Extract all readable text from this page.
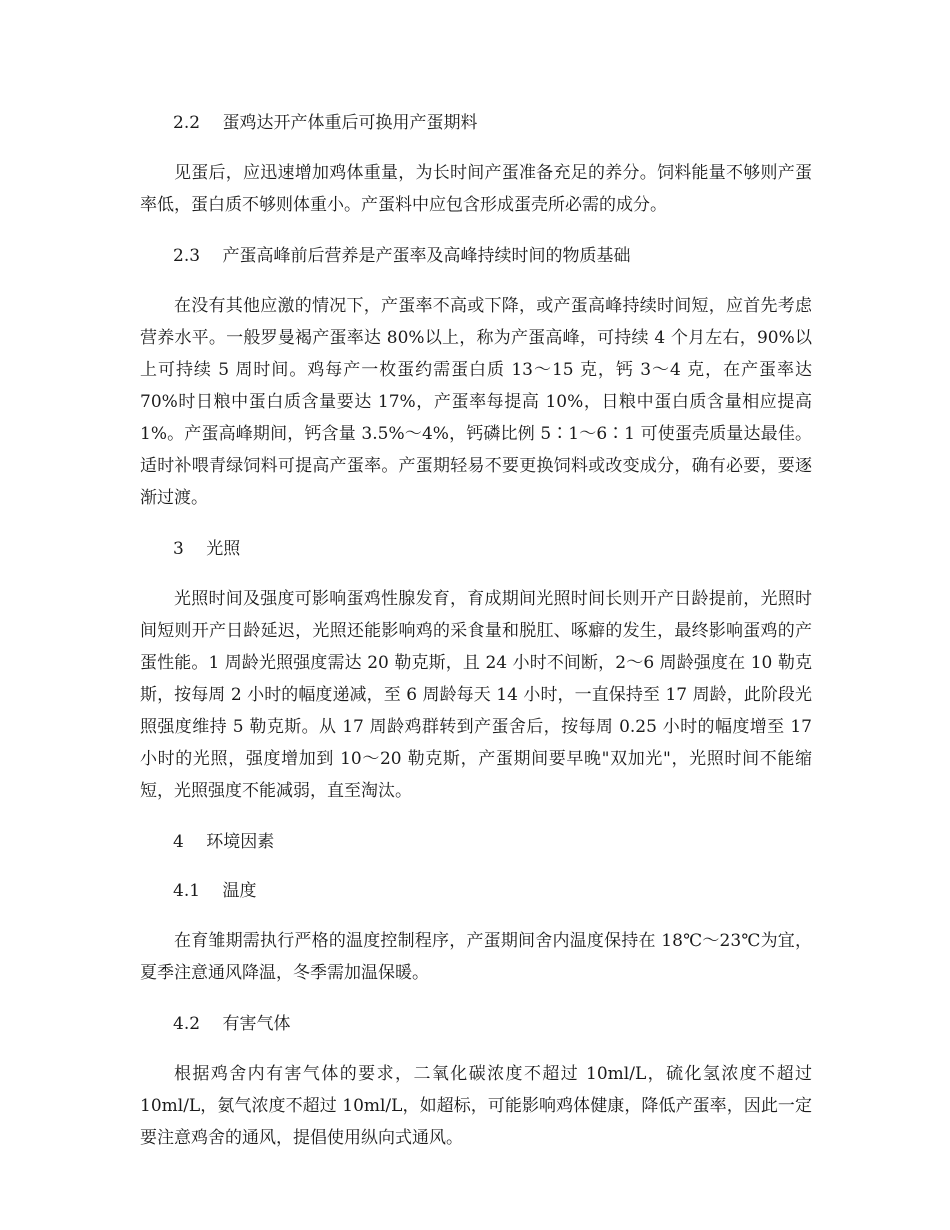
2.2　 蛋鸡达开产体重后可换用产蛋期料

见蛋后，应迅速增加鸡体重量，为长时间产蛋准备充足的养分。饲料能量不够则产蛋率低，蛋白质不够则体重小。产蛋料中应包含形成蛋壳所必需的成分。

2.3　 产蛋高峰前后营养是产蛋率及高峰持续时间的物质基础

在没有其他应激的情况下，产蛋率不高或下降，或产蛋高峰持续时间短，应首先考虑营养水平。一般罗曼褐产蛋率达 80%以上，称为产蛋高峰，可持续 4 个月左右，90%以上可持续 5 周时间。鸡每产一枚蛋约需蛋白质 13～15 克，钙 3～4 克，在产蛋率达 70%时日粮中蛋白质含量要达 17%，产蛋率每提高 10%，日粮中蛋白质含量相应提高 1%。产蛋高峰期间，钙含量 3.5%～4%，钙磷比例 5∶1～6∶1 可使蛋壳质量达最佳。适时补喂青绿饲料可提高产蛋率。产蛋期轻易不要更换饲料或改变成分，确有必要，要逐渐过渡。

3　 光照

光照时间及强度可影响蛋鸡性腺发育，育成期间光照时间长则开产日龄提前，光照时间短则开产日龄延迟，光照还能影响鸡的采食量和脱肛、啄癖的发生，最终影响蛋鸡的产蛋性能。1 周龄光照强度需达 20 勒克斯，且 24 小时不间断，2～6 周龄强度在 10 勒克斯，按每周 2 小时的幅度递减，至 6 周龄每天 14 小时，一直保持至 17 周龄，此阶段光照强度维持 5 勒克斯。从 17 周龄鸡群转到产蛋舍后，按每周 0.25 小时的幅度增至 17 小时的光照，强度增加到 10～20 勒克斯，产蛋期间要早晚"双加光"，光照时间不能缩短，光照强度不能减弱，直至淘汰。

4　 环境因素

4.1　 温度

在育雏期需执行严格的温度控制程序，产蛋期间舍内温度保持在 18℃～23℃为宜，夏季注意通风降温，冬季需加温保暖。

4.2　 有害气体

根据鸡舍内有害气体的要求，二氧化碳浓度不超过 10ml/L，硫化氢浓度不超过 10ml/L，氨气浓度不超过 10ml/L，如超标，可能影响鸡体健康，降低产蛋率，因此一定要注意鸡舍的通风，提倡使用纵向式通风。
